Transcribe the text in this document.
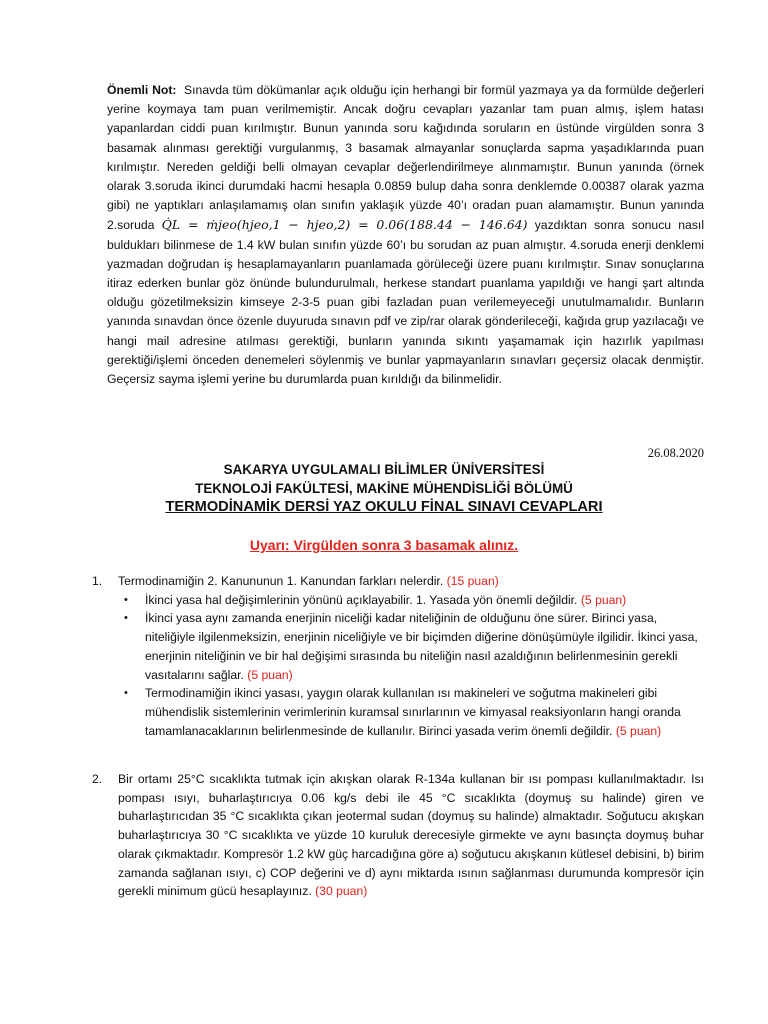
Önemli Not: Sınavda tüm dökümanlar açık olduğu için herhangi bir formül yazmaya ya da formülde değerleri yerine koymaya tam puan verilmemiştir. Ancak doğru cevapları yazanlar tam puan almış, işlem hatası yapanlardan ciddi puan kırılmıştır. Bunun yanında soru kağıdında soruların en üstünde virgülden sonra 3 basamak alınması gerektiği vurgulanmış, 3 basamak almayanlar sonuçlarda sapma yaşadıklarında puan kırılmıştır. Nereden geldiği belli olmayan cevaplar değerlendirilmeye alınmamıştır. Bunun yanında (örnek olarak 3.soruda ikinci durumdaki hacmi hesapla 0.0859 bulup daha sonra denklemde 0.00387 olarak yazma gibi) ne yaptıkları anlaşılamamış olan sınıfın yaklaşık yüzde 40’ı oradan puan alamamıştır. Bunun yanında 2.soruda Q̇L = ṁjeo(hjeo,1 − hjeo,2) = 0.06(188.44 − 146.64) yazdıktan sonra sonucu nasıl buldukları bilinmese de 1.4 kW bulan sınıfın yüzde 60’ı bu sorudan az puan almıştır. 4.soruda enerji denklemi yazmadan doğrudan iş hesaplamayanların puanlamada görüleceği üzere puanı kırılmıştır. Sınav sonuçlarına itiraz ederken bunlar göz önünde bulundurulmalı, herkese standart puanlama yapıldığı ve hangi şart altında olduğu gözetilmeksizin kimseye 2-3-5 puan gibi fazladan puan verilemeyeceği unutulmamalıdır. Bunların yanında sınavdan önce özenle duyuruda sınavın pdf ve zip/rar olarak gönderileceği, kağıda grup yazılacağı ve hangi mail adresine atılması gerektiği, bunların yanında sıkıntı yaşamamak için hazırlık yapılması gerektiği/işlemi önceden denemeleri söylenmiş ve bunlar yapmayanların sınavları geçersiz olacak denmiştir. Geçersiz sayma işlemi yerine bu durumlarda puan kırıldığı da bilinmelidir.
26.08.2020
SAKARYA UYGULAMALI BİLİMLER ÜNİVERSİTESİ
TEKNOLOJİ FAKÜLTESİ, MAKİNE MÜHENDİSLİĞİ BÖLÜMÜ
TERMODİNAMİK DERSİ YAZ OKULU FİNAL SINAVI CEVAPLARI
Uyarı: Virgülden sonra 3 basamak alınız.
1. Termodinamiğin 2. Kanununun 1. Kanundan farkları nelerdir. (15 puan)
• İkinci yasa hal değişimlerinin yönünü açıklayabilir. 1. Yasada yön önemli değildir. (5 puan)
• İkinci yasa aynı zamanda enerjinin niceliği kadar niteliğinin de olduğunu öne sürer. Birinci yasa, niteliğiyle ilgilenmeksizin, enerjinin niceliğiyle ve bir biçimden diğerine dönüşümüyle ilgilidir. İkinci yasa, enerjinin niteliğinin ve bir hal değişimi sırasında bu niteliğin nasıl azaldığının belirlenmesinin gerekli vasıtalarını sağlar. (5 puan)
• Termodinamiğin ikinci yasası, yaygın olarak kullanılan ısı makineleri ve soğutma makineleri gibi mühendislik sistemlerinin verimlerinin kuramsal sınırlarının ve kimyasal reaksiyonların hangi oranda tamamlanacaklarının belirlenmesinde de kullanılır. Birinci yasada verim önemli değildir. (5 puan)
2. Bir ortamı 25°C sıcaklıkta tutmak için akışkan olarak R-134a kullanan bir ısı pompası kullanılmaktadır. Isı pompası ısıyı, buharlaştırıcıya 0.06 kg/s debi ile 45 °C sıcaklıkta (doymuş su halinde) giren ve buharlaştırıcıdan 35 °C sıcaklıkta çıkan jeotermal sudan (doymuş su halinde) almaktadır. Soğutucu akışkan buharlaştırıcıya 30 °C sıcaklıkta ve yüzde 10 kuruluk derecesiyle girmekte ve aynı basınçta doymuş buhar olarak çıkmaktadır. Kompresör 1.2 kW güç harcadığına göre a) soğutucu akışkanın kütlesel debisini, b) birim zamanda sağlanan ısıyı, c) COP değerini ve d) aynı miktarda ısının sağlanması durumunda kompresör için gerekli minimum gücü hesaplayınız. (30 puan)
